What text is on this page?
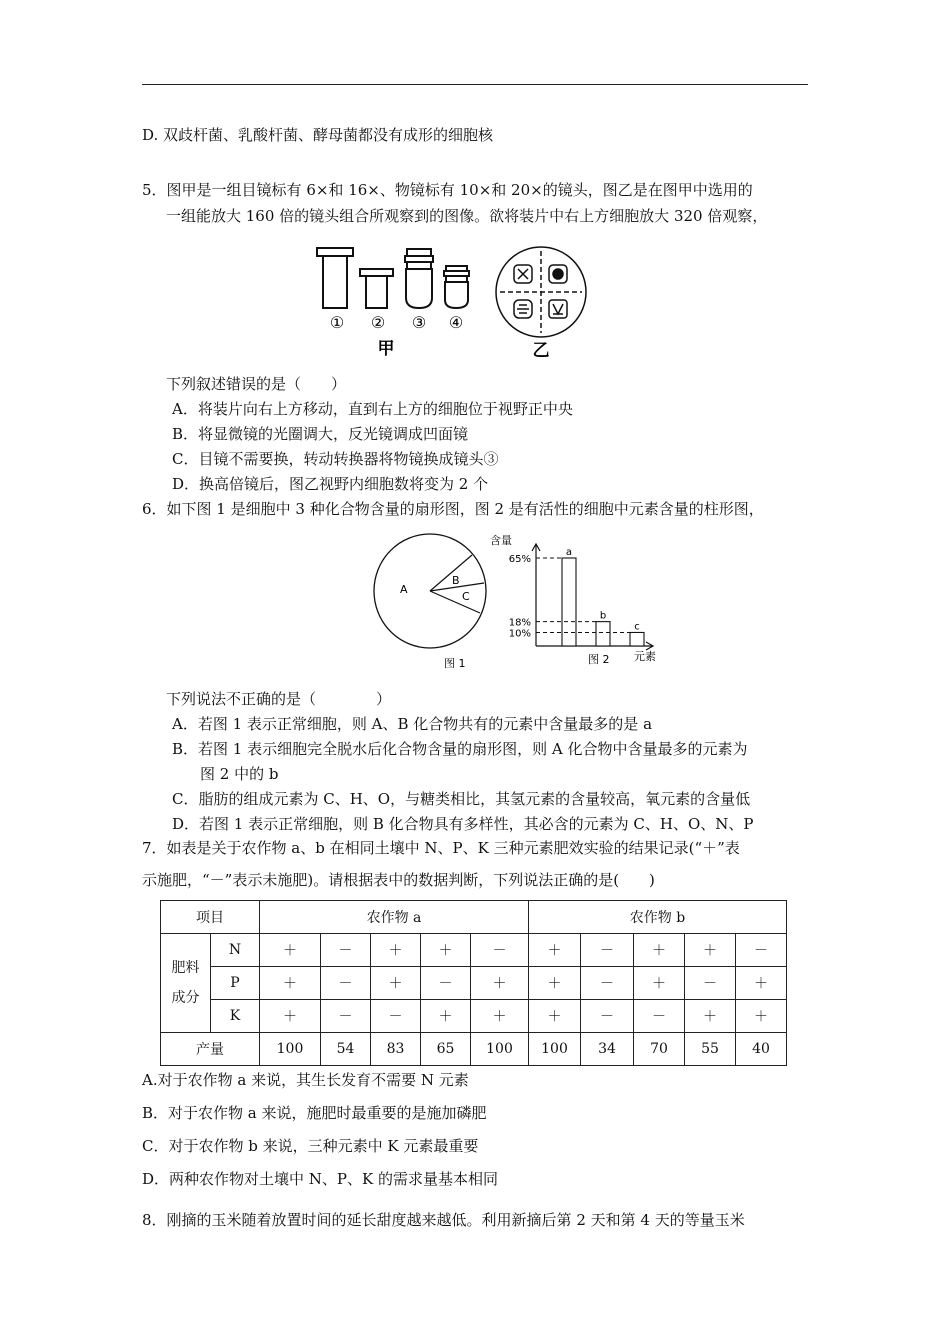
D. 双歧杆菌、乳酸杆菌、酵母菌都没有成形的细胞核
5．图甲是一组目镜标有 6×和 16×、物镜标有 10×和 20×的镜头，图乙是在图甲中选用的
一组能放大 160 倍的镜头组合所观察到的图像。欲将装片中右上方细胞放大 320 倍观察，
① ② ③ ④
甲	乙
下列叙述错误的是（　　）
A．将装片向右上方移动，直到右上方的细胞位于视野正中央
B．将显微镜的光圈调大，反光镜调成凹面镜
C．目镜不需要换，转动转换器将物镜换成镜头③
D．换高倍镜后，图乙视野内细胞数将变为 2 个
6．如下图 1 是细胞中 3 种化合物含量的扇形图，图 2 是有活性的细胞中元素含量的柱形图，
A
B
C
图 1
含量
元素
图 2
a
65%
b
18%	c
10%
下列说法不正确的是（　　　　）
A．若图 1 表示正常细胞，则 A、B 化合物共有的元素中含量最多的是 a
B．若图 1 表示细胞完全脱水后化合物含量的扇形图，则 A 化合物中含量最多的元素为
图 2 中的 b
C．脂肪的组成元素为 C、H、O，与糖类相比，其氢元素的含量较高，氧元素的含量低
D．若图 1 表示正常细胞，则 B 化合物具有多样性，其必含的元素为 C、H、O、N、P
7．如表是关于农作物 a、b 在相同土壤中 N、P、K 三种元素肥效实验的结果记录(“＋”表
示施肥，“－”表示未施肥)。请根据表中的数据判断，下列说法正确的是(　　)
项目		农作物 a					农作物 b				

肥料
成分	N	＋	－	＋	＋	－	＋	－	＋	＋	－
	P	＋	－	＋	－	＋	＋	－	＋	－	＋
	K	＋	－	－	＋	＋	＋	－	－	＋	＋
产量		100	54	83	65	100	100	34	70	55	40
A.对于农作物 a 来说，其生长发育不需要 N 元素
B．对于农作物 a 来说，施肥时最重要的是施加磷肥
C．对于农作物 b 来说，三种元素中 K 元素最重要
D．两种农作物对土壤中 N、P、K 的需求量基本相同
8．刚摘的玉米随着放置时间的延长甜度越来越低。利用新摘后第 2 天和第 4 天的等量玉米
